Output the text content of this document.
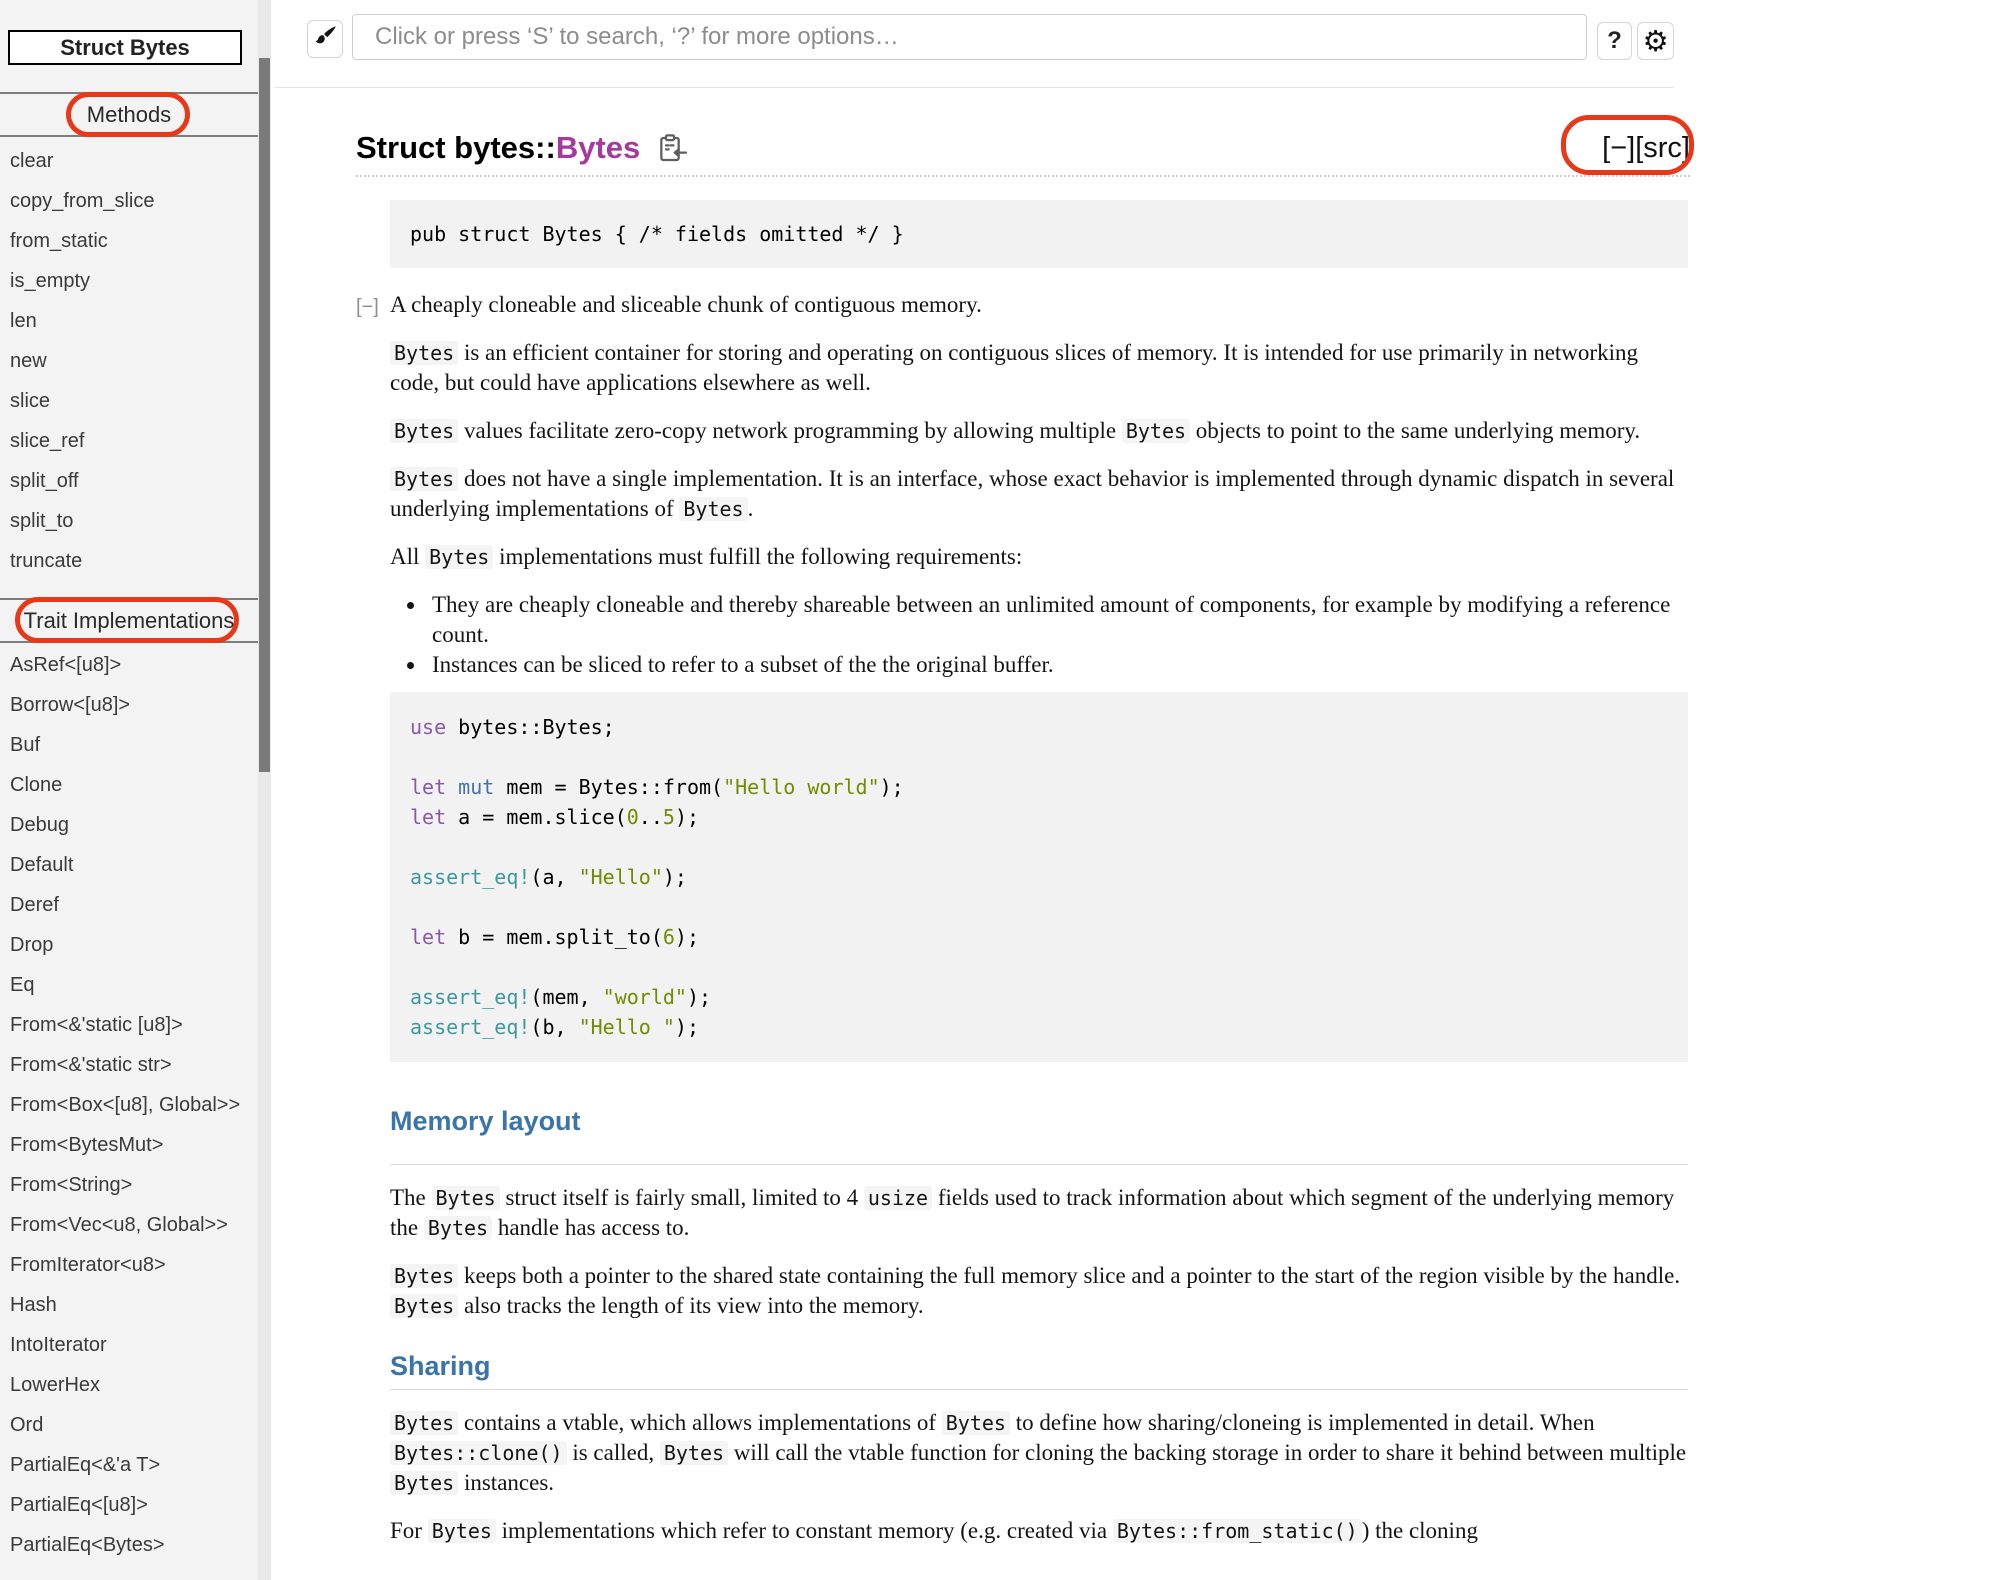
Struct Bytes
Methods
clear
copy_from_slice
from_static
is_empty
len
new
slice
slice_ref
split_off
split_to
truncate
Trait Implementations
AsRef<[u8]>
Borrow<[u8]>
Buf
Clone
Debug
Default
Deref
Drop
Eq
From<&'static [u8]>
From<&'static str>
From<Box<[u8], Global>>
From<BytesMut>
From<String>
From<Vec<u8, Global>>
FromIterator<u8>
Hash
IntoIterator
LowerHex
Ord
PartialEq<&'a T>
PartialEq<[u8]>
PartialEq<Bytes>
Click or press ‘S’ to search, ‘?’ for more options…
? ⚙
Struct bytes:: Bytes	[−][src]
pub struct Bytes { /* fields omitted */ }
[−] A cheaply cloneable and sliceable chunk of contiguous memory.

Bytes is an efficient container for storing and operating on contiguous slices of memory. It is intended for use primarily in networking code, but could have applications elsewhere as well.

Bytes values facilitate zero-copy network programming by allowing multiple Bytes objects to point to the same underlying memory.

Bytes does not have a single implementation. It is an interface, whose exact behavior is implemented through dynamic dispatch in several underlying implementations of Bytes .

All Bytes implementations must fulfill the following requirements:

• They are cheaply cloneable and thereby shareable between an unlimited amount of components, for example by modifying a reference count.
• Instances can be sliced to refer to a subset of the the original buffer.
use bytes::Bytes;
let mut mem = Bytes::from("Hello world");
let a = mem.slice(0..5);
assert_eq!(a, "Hello");
let b = mem.split_to(6);
assert_eq!(mem, "world");
assert_eq!(b, "Hello ");
Memory layout

The Bytes struct itself is fairly small, limited to 4 usize fields used to track information about which segment of the underlying memory the Bytes handle has access to.

Bytes keeps both a pointer to the shared state containing the full memory slice and a pointer to the start of the region visible by the handle. Bytes also tracks the length of its view into the memory.

Sharing

Bytes contains a vtable, which allows implementations of Bytes to define how sharing/cloneing is implemented in detail. When Bytes::clone() is called, Bytes will call the vtable function for cloning the backing storage in order to share it behind between multiple Bytes instances.

For Bytes implementations which refer to constant memory (e.g. created via Bytes::from_static() ) the cloning
